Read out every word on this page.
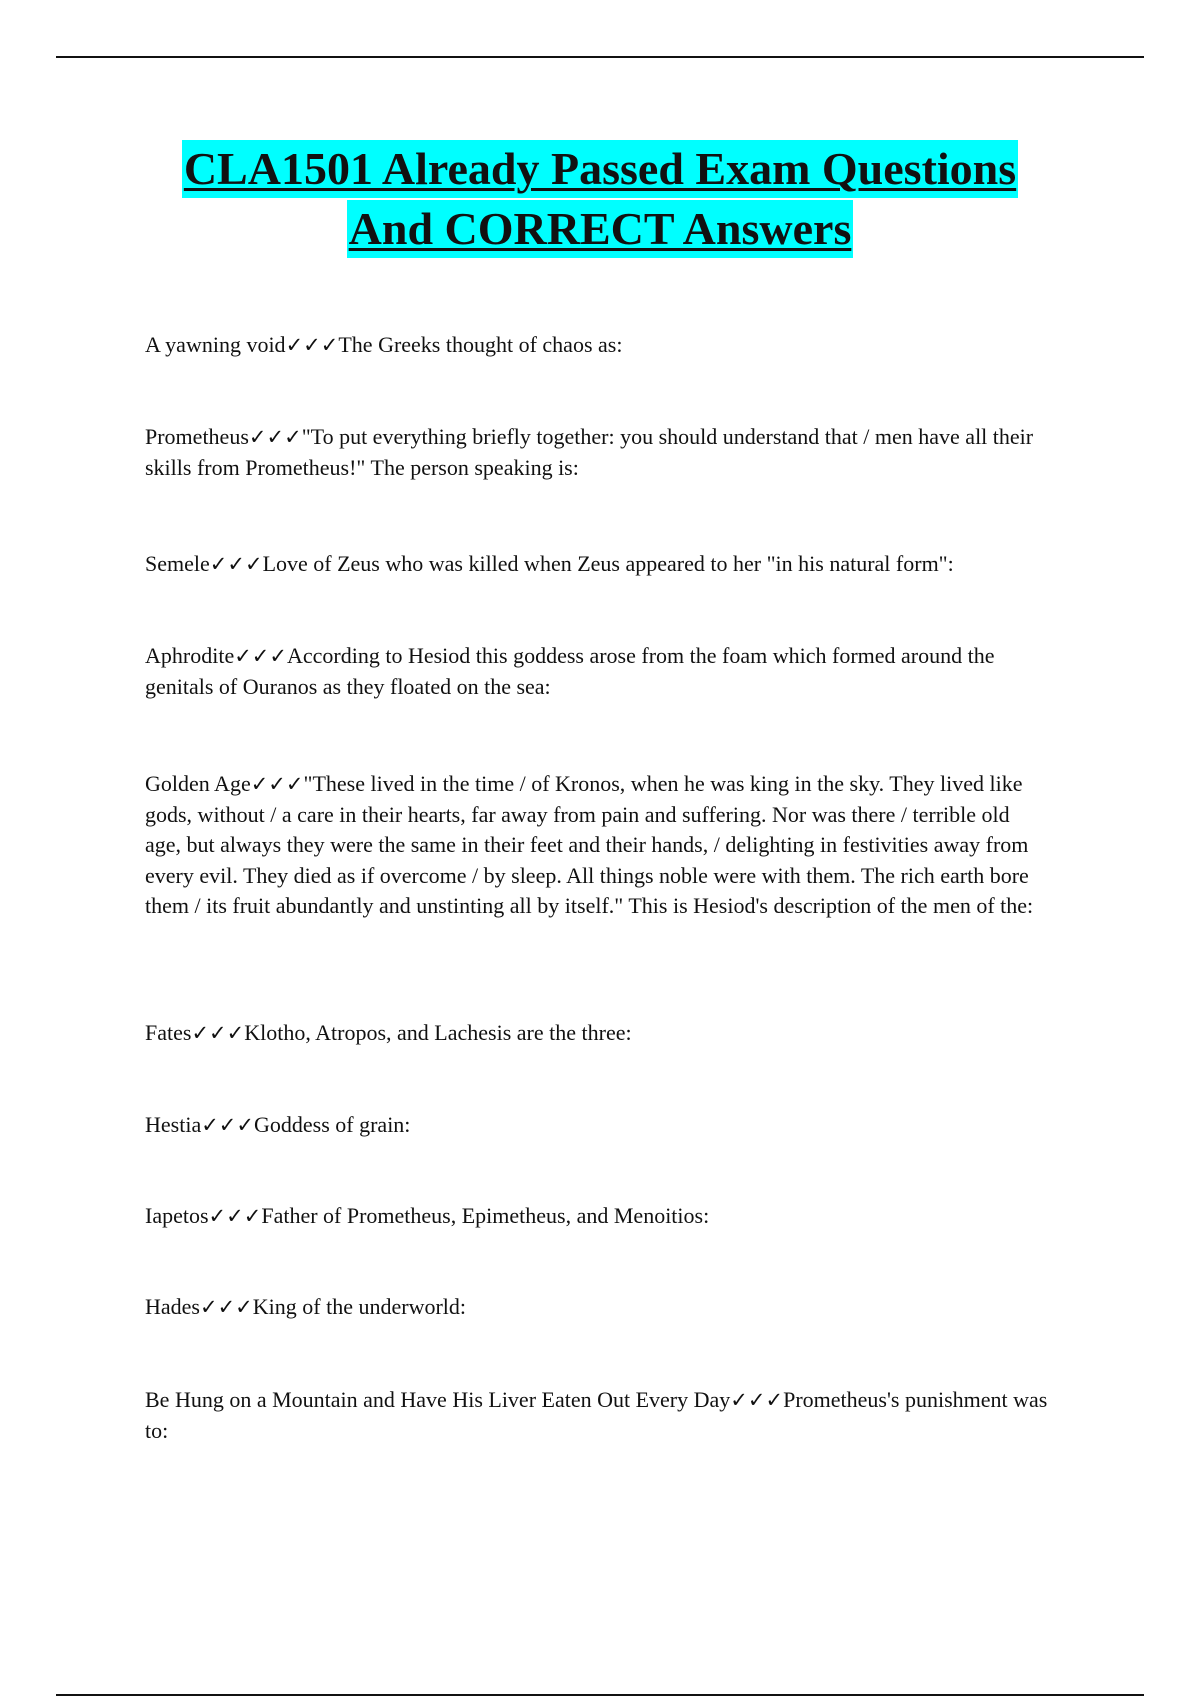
CLA1501 Already Passed Exam Questions
And CORRECT Answers
A yawning void✓✓✓The Greeks thought of chaos as:
Prometheus✓✓✓"To put everything briefly together: you should understand that / men have all their skills from Prometheus!" The person speaking is:
Semele✓✓✓Love of Zeus who was killed when Zeus appeared to her "in his natural form":
Aphrodite✓✓✓According to Hesiod this goddess arose from the foam which formed around the genitals of Ouranos as they floated on the sea:
Golden Age✓✓✓"These lived in the time / of Kronos, when he was king in the sky. They lived like gods, without / a care in their hearts, far away from pain and suffering. Nor was there / terrible old age, but always they were the same in their feet and their hands, / delighting in festivities away from every evil. They died as if overcome / by sleep. All things noble were with them. The rich earth bore them / its fruit abundantly and unstinting all by itself." This is Hesiod's description of the men of the:
Fates✓✓✓Klotho, Atropos, and Lachesis are the three:
Hestia✓✓✓Goddess of grain:
Iapetos✓✓✓Father of Prometheus, Epimetheus, and Menoitios:
Hades✓✓✓King of the underworld:
Be Hung on a Mountain and Have His Liver Eaten Out Every Day✓✓✓Prometheus's punishment was to:
